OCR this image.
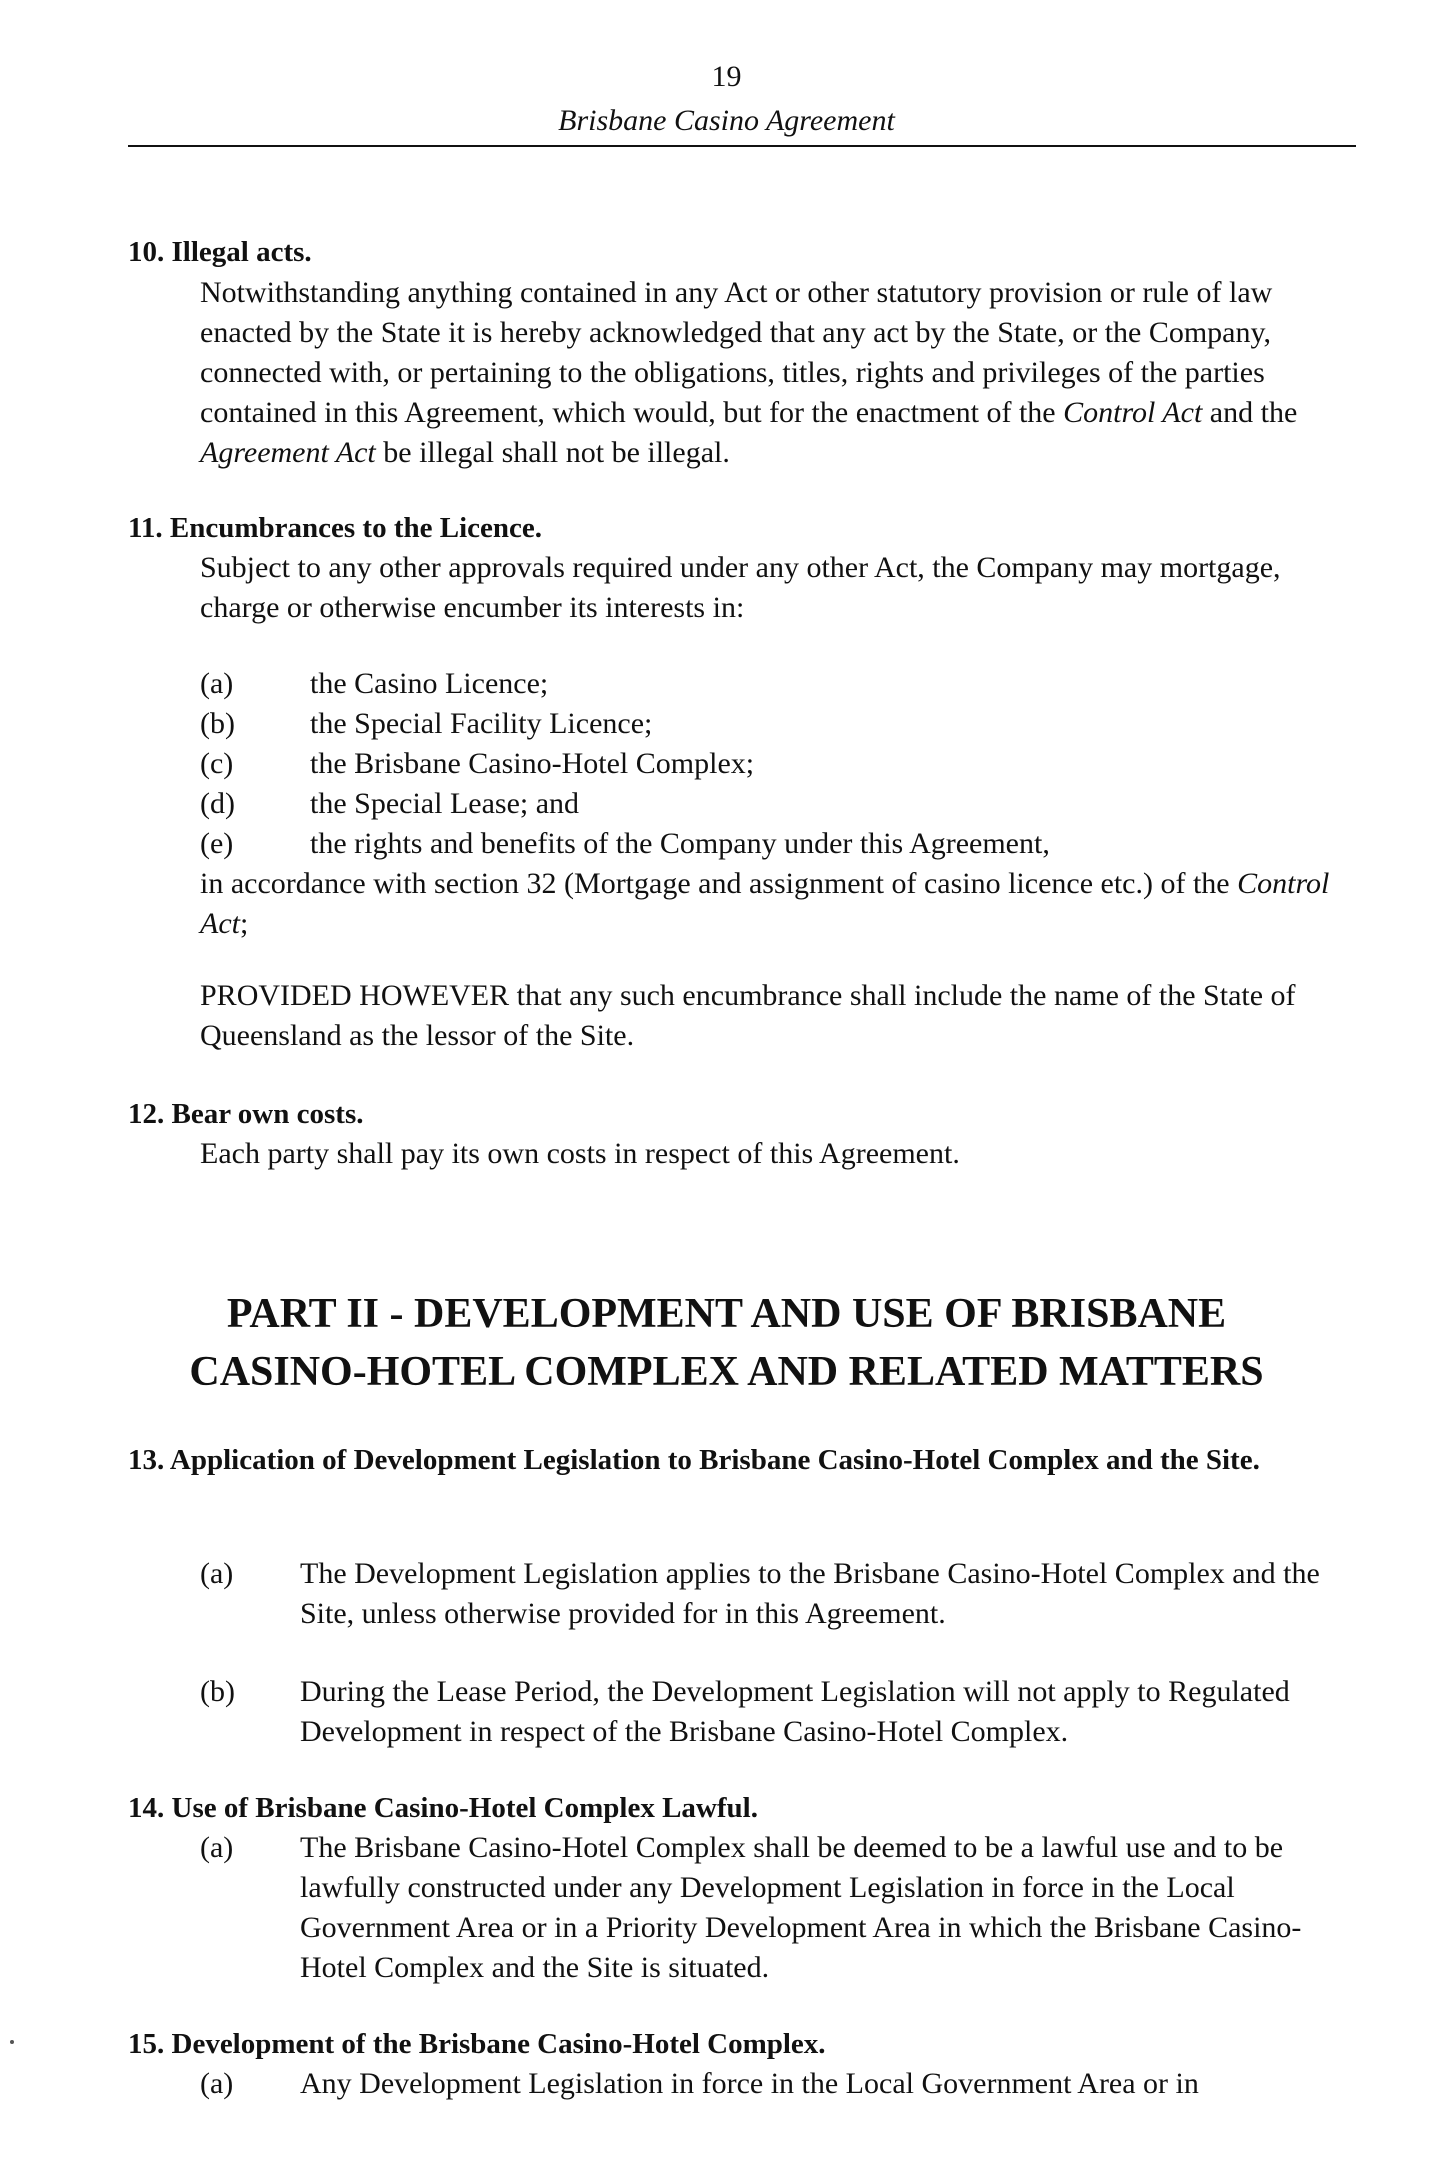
19
Brisbane Casino Agreement
10. Illegal acts.
Notwithstanding anything contained in any Act or other statutory provision or rule of law enacted by the State it is hereby acknowledged that any act by the State, or the Company, connected with, or pertaining to the obligations, titles, rights and privileges of the parties contained in this Agreement, which would, but for the enactment of the Control Act and the Agreement Act be illegal shall not be illegal.
11. Encumbrances to the Licence.
Subject to any other approvals required under any other Act, the Company may mortgage, charge or otherwise encumber its interests in:
(a)	the Casino Licence;
(b)	the Special Facility Licence;
(c)	the Brisbane Casino-Hotel Complex;
(d)	the Special Lease; and
(e)	the rights and benefits of the Company under this Agreement,
in accordance with section 32 (Mortgage and assignment of casino licence etc.) of the Control Act;
PROVIDED HOWEVER that any such encumbrance shall include the name of the State of Queensland as the lessor of the Site.
12. Bear own costs.
Each party shall pay its own costs in respect of this Agreement.
PART II - DEVELOPMENT AND USE OF BRISBANE
CASINO-HOTEL COMPLEX AND RELATED MATTERS
13. Application of Development Legislation to Brisbane Casino-Hotel Complex and the Site.
(a) The Development Legislation applies to the Brisbane Casino-Hotel Complex and the Site, unless otherwise provided for in this Agreement.
(b) During the Lease Period, the Development Legislation will not apply to Regulated Development in respect of the Brisbane Casino-Hotel Complex.
14. Use of Brisbane Casino-Hotel Complex Lawful.
(a) The Brisbane Casino-Hotel Complex shall be deemed to be a lawful use and to be lawfully constructed under any Development Legislation in force in the Local Government Area or in a Priority Development Area in which the Brisbane Casino-Hotel Complex and the Site is situated.
15. Development of the Brisbane Casino-Hotel Complex.
(a) Any Development Legislation in force in the Local Government Area or in
